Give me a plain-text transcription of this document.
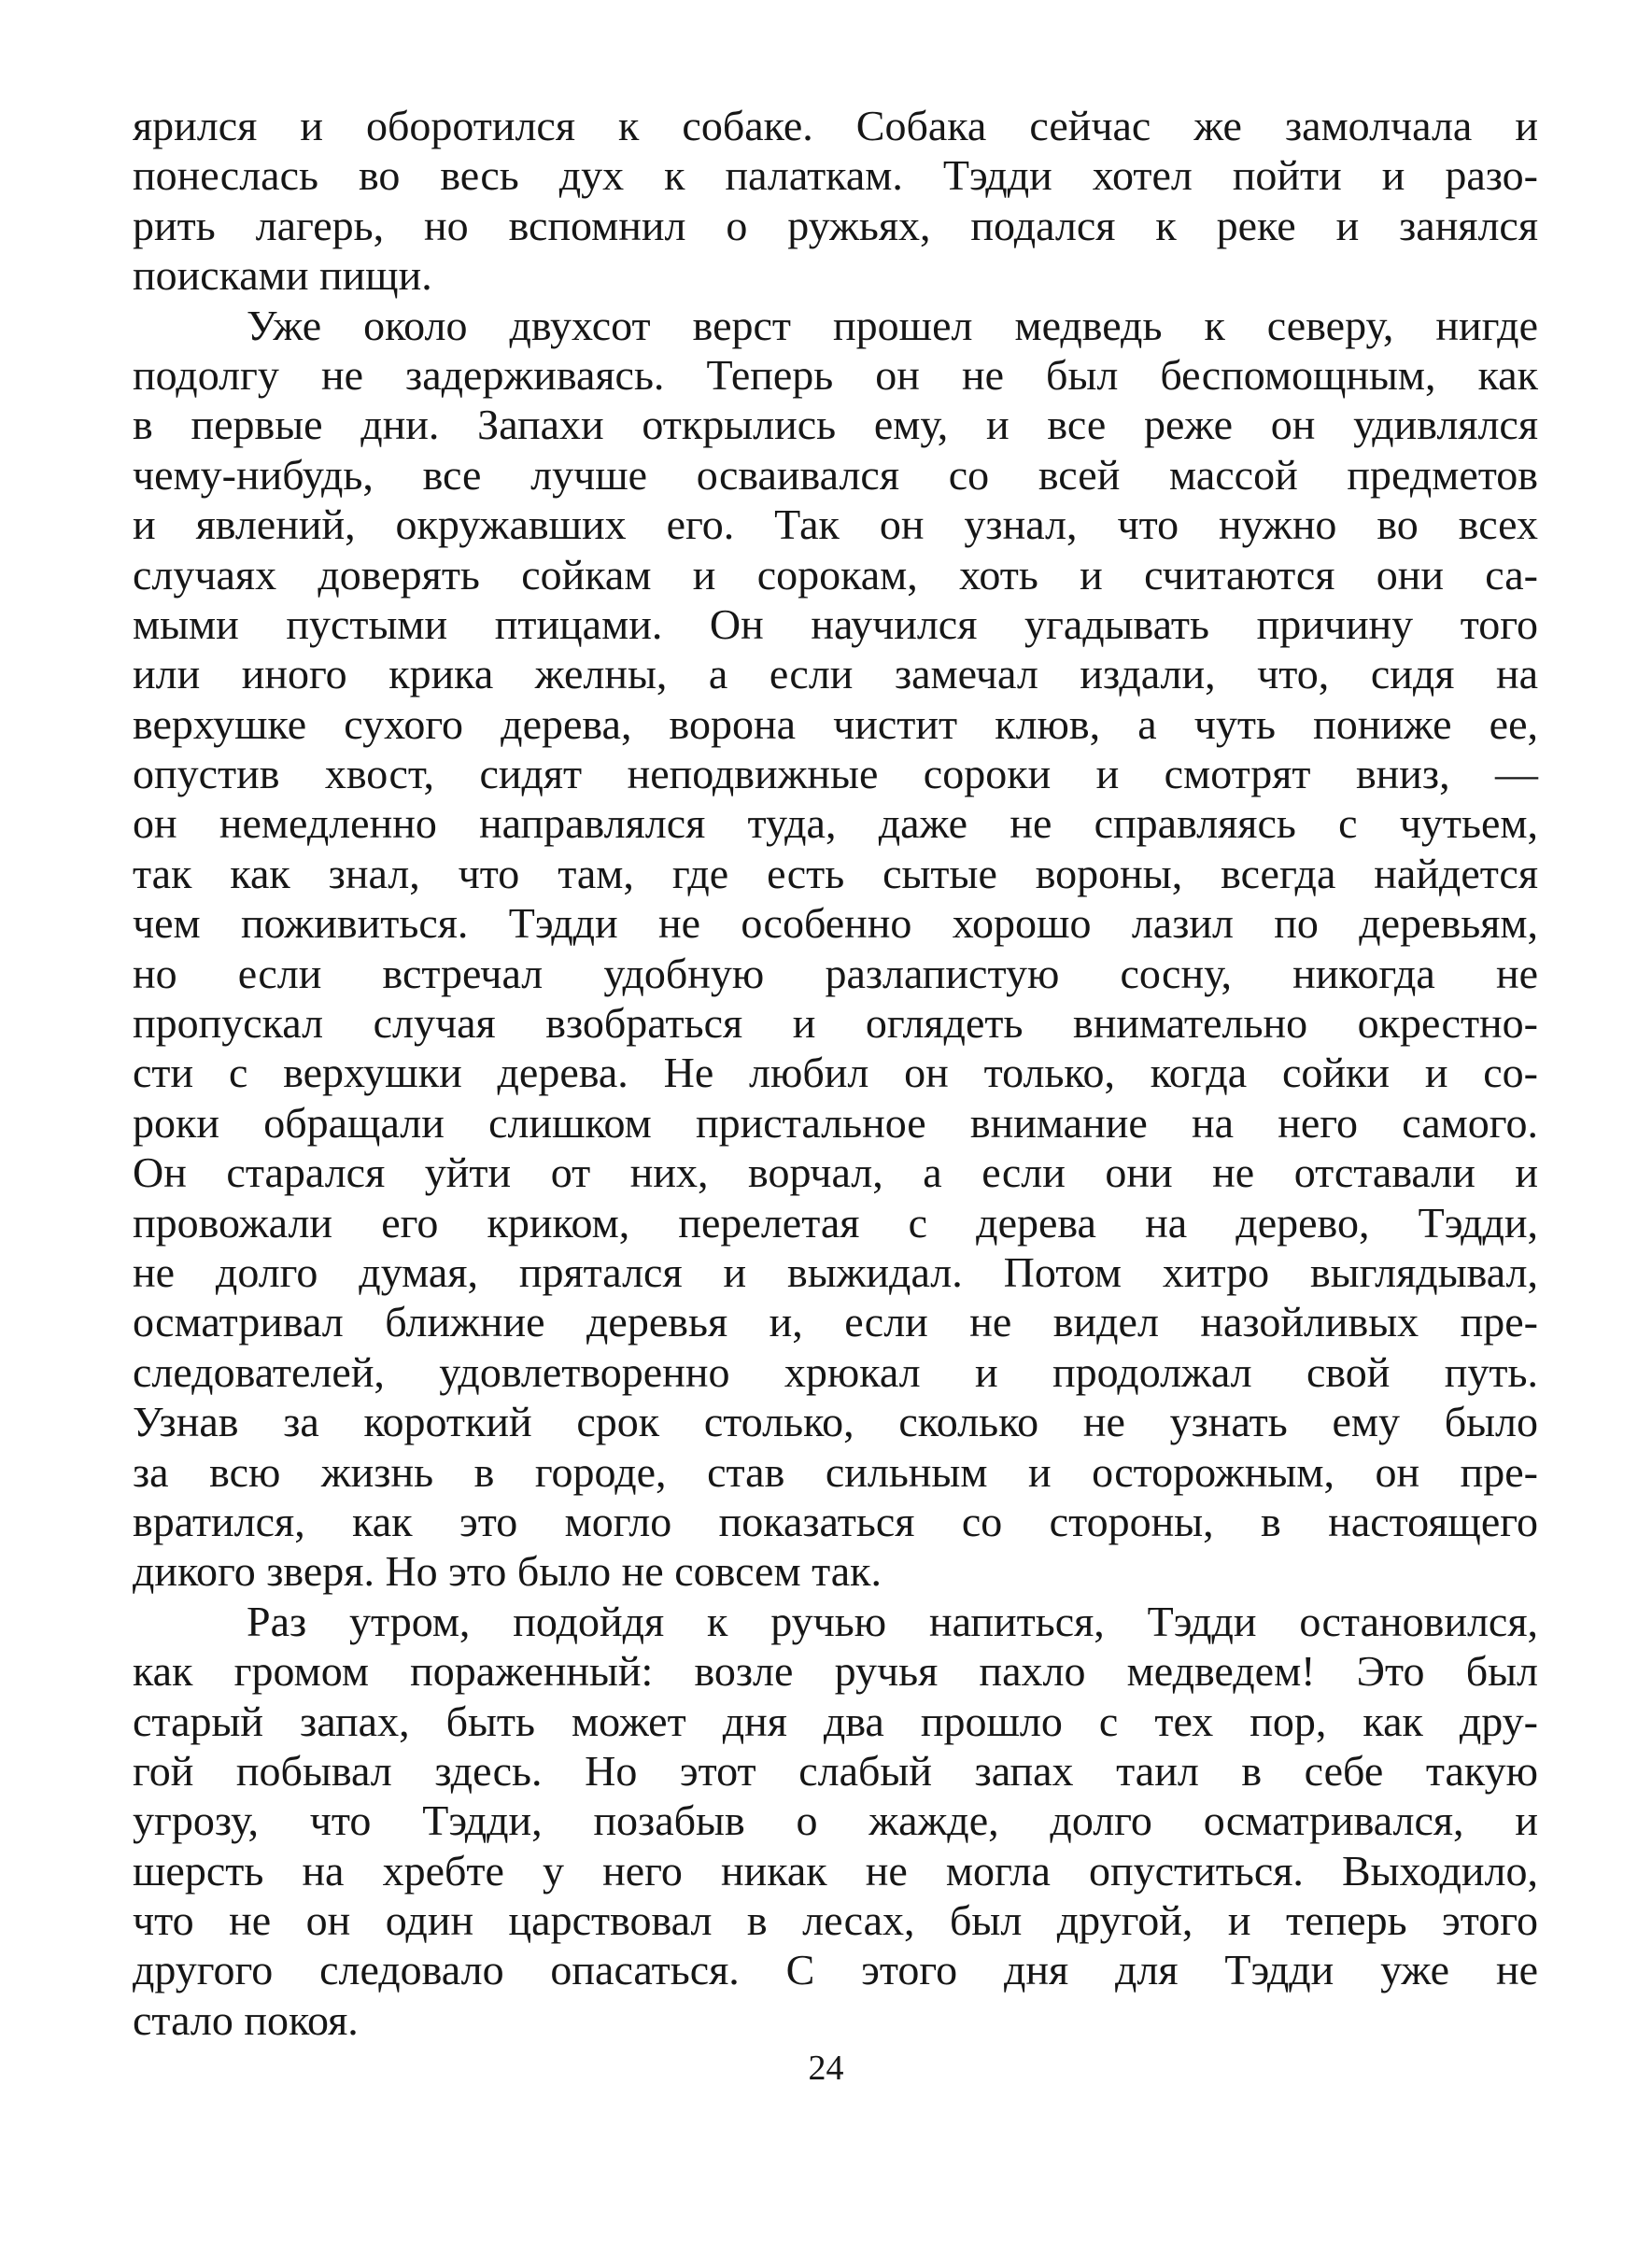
ярился и оборотился к собаке. Собака сейчас же замолчала и
понеслась во весь дух к палаткам. Тэдди хотел пойти и разо-
рить лагерь, но вспомнил о ружьях, подался к реке и занялся
поисками пищи.
Уже около двухсот верст прошел медведь к северу, нигде
подолгу не задерживаясь. Теперь он не был беспомощным, как
в первые дни. Запахи открылись ему, и все реже он удивлялся
чему-нибудь, все лучше осваивался со всей массой предметов
и явлений, окружавших его. Так он узнал, что нужно во всех
случаях доверять сойкам и сорокам, хоть и считаются они са-
мыми пустыми птицами. Он научился угадывать причину того
или иного крика желны, а если замечал издали, что, сидя на
верхушке сухого дерева, ворона чистит клюв, а чуть пониже ее,
опустив хвост, сидят неподвижные сороки и смотрят вниз, —
он немедленно направлялся туда, даже не справляясь с чутьем,
так как знал, что там, где есть сытые вороны, всегда найдется
чем поживиться. Тэдди не особенно хорошо лазил по деревьям,
но если встречал удобную разлапистую сосну, никогда не
пропускал случая взобраться и оглядеть внимательно окрестно-
сти с верхушки дерева. Не любил он только, когда сойки и со-
роки обращали слишком пристальное внимание на него самого.
Он старался уйти от них, ворчал, а если они не отставали и
провожали его криком, перелетая с дерева на дерево, Тэдди,
не долго думая, прятался и выжидал. Потом хитро выглядывал,
осматривал ближние деревья и, если не видел назойливых пре-
следователей, удовлетворенно хрюкал и продолжал свой путь.
Узнав за короткий срок столько, сколько не узнать ему было
за всю жизнь в городе, став сильным и осторожным, он пре-
вратился, как это могло показаться со стороны, в настоящего
дикого зверя. Но это было не совсем так.
Раз утром, подойдя к ручью напиться, Тэдди остановился,
как громом пораженный: возле ручья пахло медведем! Это был
старый запах, быть может дня два прошло с тех пор, как дру-
гой побывал здесь. Но этот слабый запах таил в себе такую
угрозу, что Тэдди, позабыв о жажде, долго осматривался, и
шерсть на хребте у него никак не могла опуститься. Выходило,
что не он один царствовал в лесах, был другой, и теперь этого
другого следовало опасаться. С этого дня для Тэдди уже не
стало покоя.
24
